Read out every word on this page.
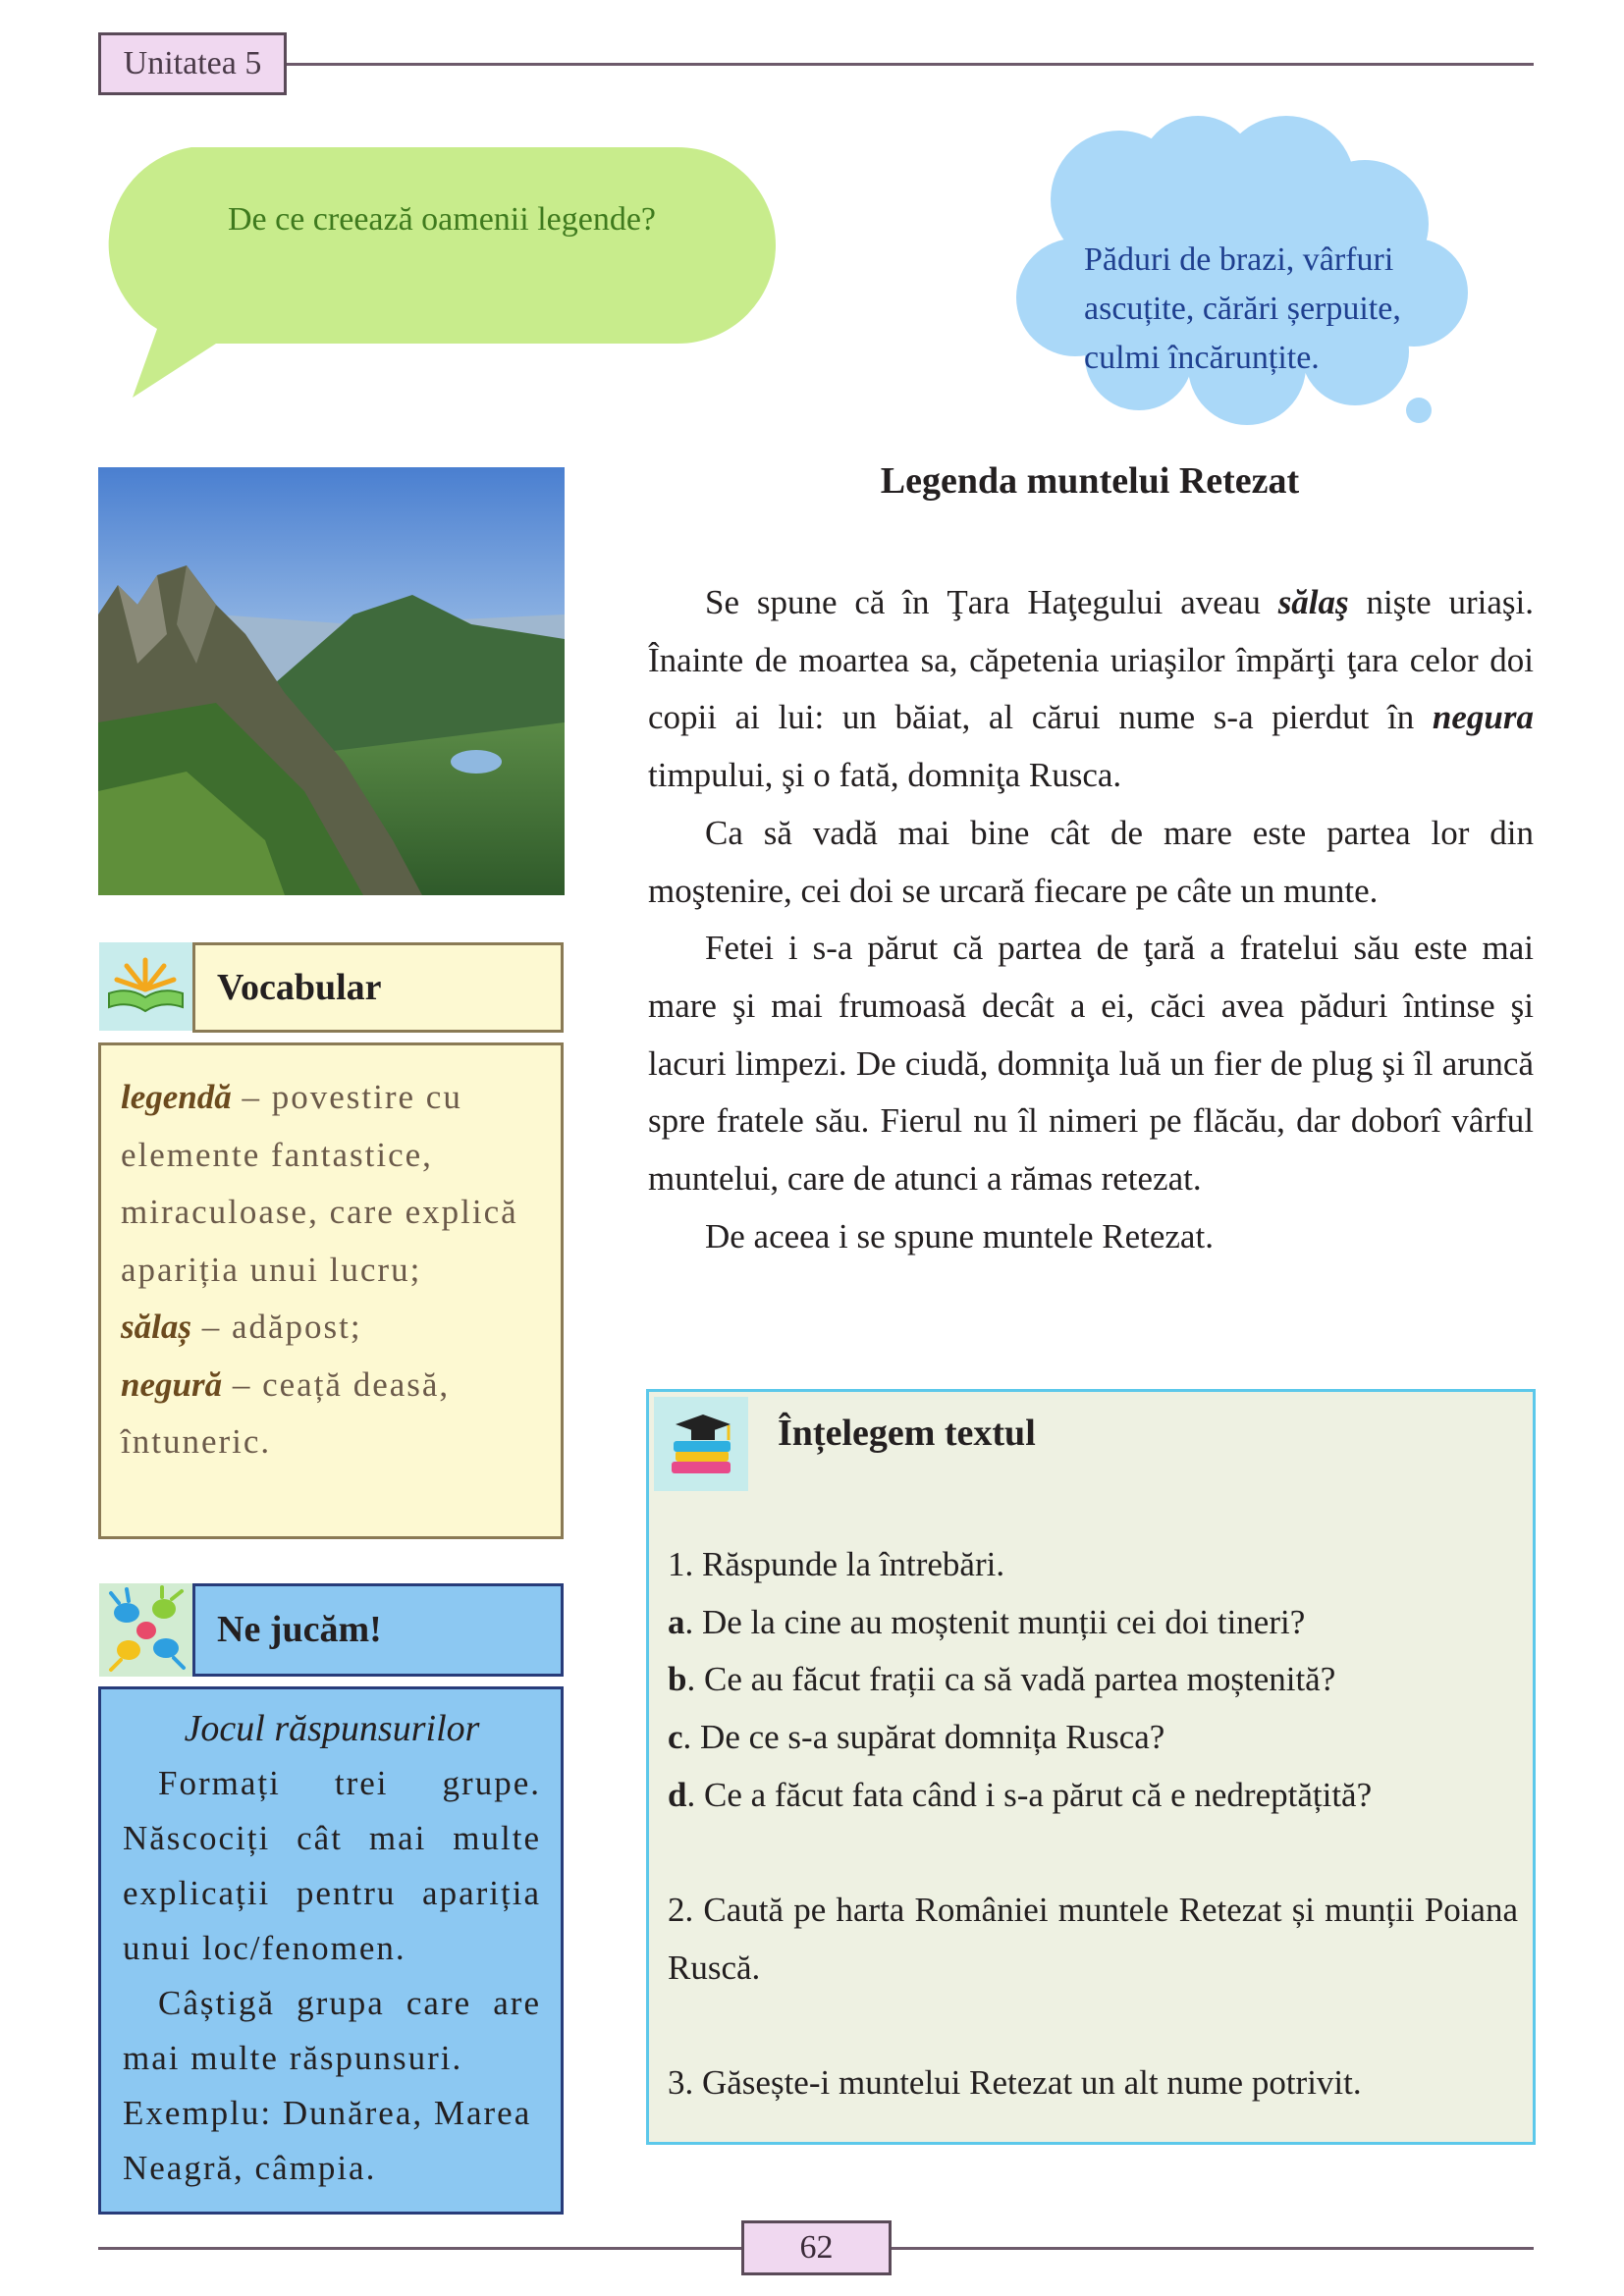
Unitatea 5
De ce creează oamenii legende?
Păduri de brazi, vârfuri
ascuțite, cărări șerpuite,
culmi încărunțite.
Vocabular

legendă – povestire cu elemente fantastice, miraculoase, care explică apariția unui lucru;

sălaș – adăpost;

negură – ceață deasă, întuneric.

Ne jucăm!

Jocul răspunsurilor

Formați trei grupe. Născociți cât mai multe explicații pentru apariția unui loc/fenomen.

Câștigă grupa care are mai multe răspunsuri.

Exemplu: Dunărea, Marea Neagră, câmpia.

Legenda muntelui Retezat

Se spune că în Ţara Haţegului aveau sălaş nişte uriaşi. Înainte de moartea sa, căpetenia uriaşilor împărţi ţara celor doi copii ai lui: un băiat, al cărui nume s-a pierdut în negura timpului, şi o fată, domniţa Rusca.

Ca să vadă mai bine cât de mare este partea lor din moştenire, cei doi se urcară fiecare pe câte un munte.

Fetei i s-a părut că partea de ţară a fratelui său este mai mare şi mai frumoasă decât a ei, căci avea păduri întinse şi lacuri limpezi. De ciudă, domniţa luă un fier de plug şi îl aruncă spre fratele său. Fierul nu îl nimeri pe flăcău, dar doborî vârful muntelui, care de atunci a rămas retezat.

De aceea i se spune muntele Retezat.

Înțelegem textul

1. Răspunde la întrebări.

a. De la cine au moștenit munții cei doi tineri?

b. Ce au făcut frații ca să vadă partea moștenită?

c. De ce s-a supărat domnița Rusca?

d. Ce a făcut fata când i s-a părut că e nedreptățită?

2. Caută pe harta României muntele Retezat și munții Poiana Ruscă.

3. Găsește-i muntelui Retezat un alt nume potrivit.

62
